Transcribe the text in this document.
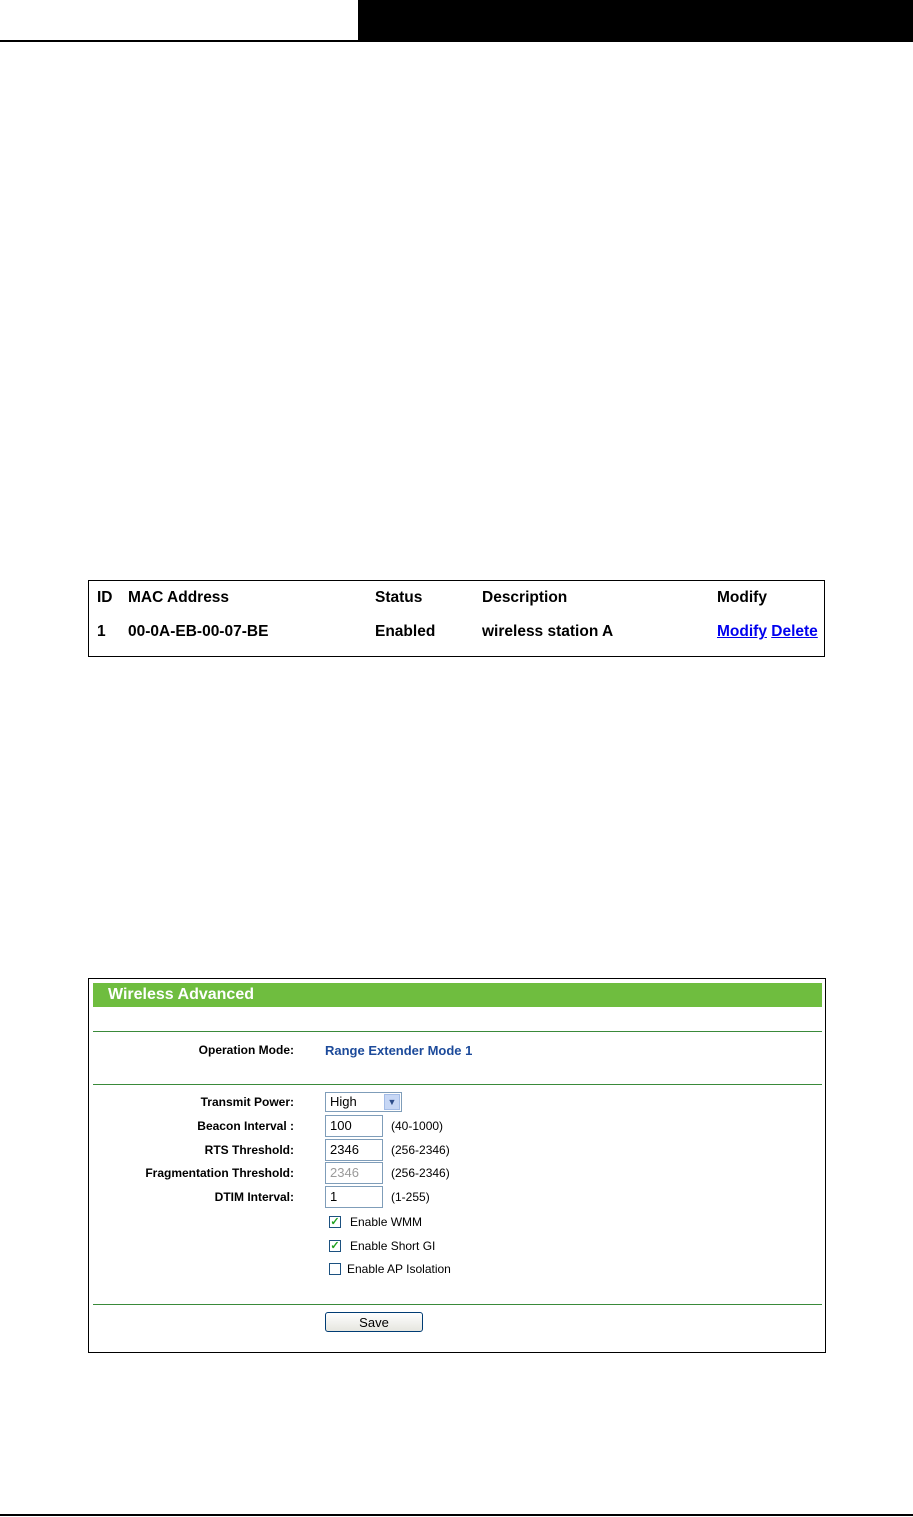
ID MAC Address	Status	Description	Modify
1 00-0A-EB-00-07-BE	Enabled	wireless station A	Modify Delete
Wireless Advanced
Operation Mode: Range Extender Mode 1
Transmit Power:	High	▼
Beacon Interval :	100	(40-1000)
RTS Threshold:	2346	(256-2346)
Fragmentation Threshold:	2346	(256-2346)
DTIM Interval:	1	(1-255)
✓ Enable WMM
✓ Enable Short GI
Enable AP Isolation
Save
